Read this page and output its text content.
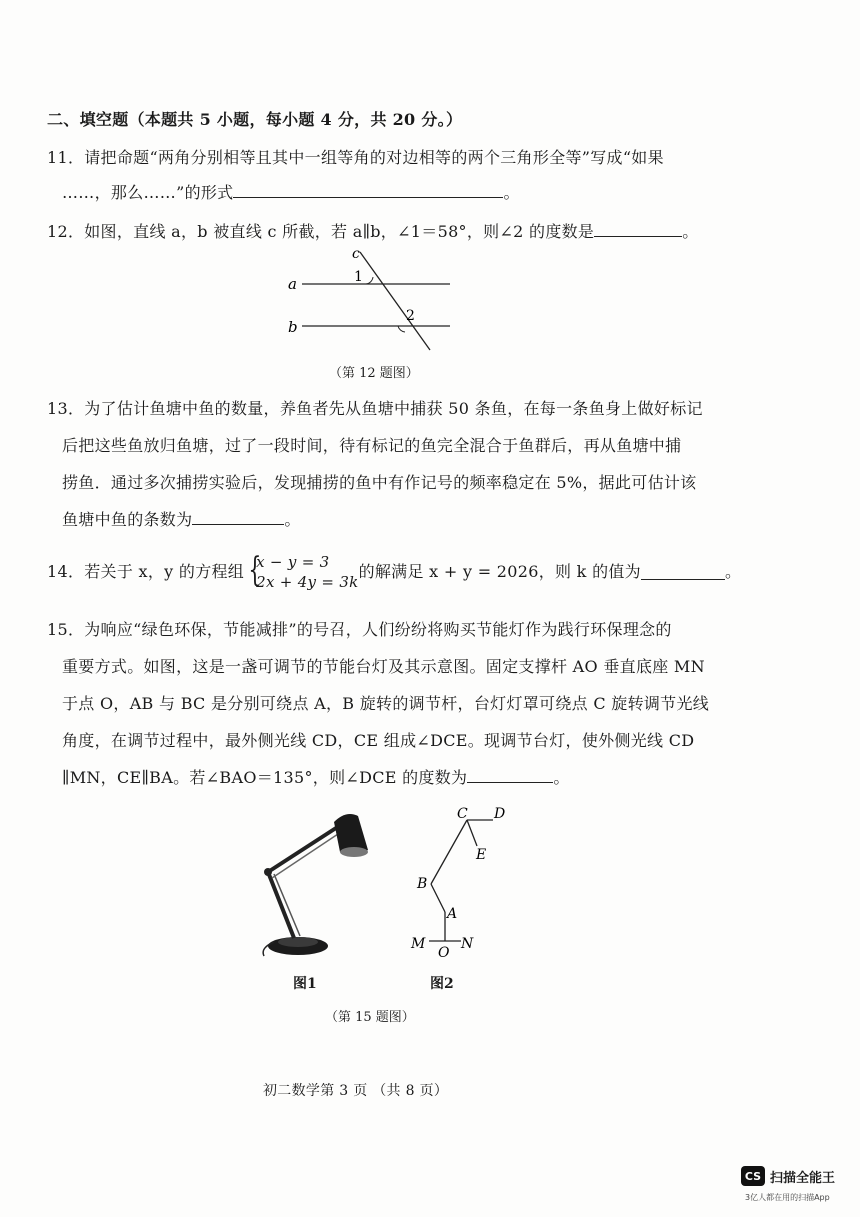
二、填空题（本题共 5 小题，每小题 4 分，共 20 分。）
11．请把命题“两角分别相等且其中一组等角的对边相等的两个三角形全等”写成“如果
……，那么……”的形式	。
12．如图，直线 a，b 被直线 c 所截，若 a∥b，∠1＝58°，则∠2 的度数是	。
c
a
b
1
2
（第 12 题图）
13．为了估计鱼塘中鱼的数量，养鱼者先从鱼塘中捕获 50 条鱼，在每一条鱼身上做好标记
后把这些鱼放归鱼塘，过了一段时间，待有标记的鱼完全混合于鱼群后，再从鱼塘中捕
捞鱼．通过多次捕捞实验后，发现捕捞的鱼中有作记号的频率稳定在 5%，据此可估计该
鱼塘中鱼的条数为	。
14．若关于 x，y 的方程组 {
x − y = 3
2x + 4y = 3k
的解满足 x + y = 2026，则 k 的值为	。
15．为响应“绿色环保，节能减排”的号召，人们纷纷将购买节能灯作为践行环保理念的
重要方式。如图，这是一盏可调节的节能台灯及其示意图。固定支撑杆 AO 垂直底座 MN
于点 O，AB 与 BC 是分别可绕点 A，B 旋转的调节杆，台灯灯罩可绕点 C 旋转调节光线
角度，在调节过程中，最外侧光线 CD，CE 组成∠DCE。现调节台灯，使外侧光线 CD
∥MN，CE∥BA。若∠BAO＝135°，则∠DCE 的度数为	。
图1
C D
E
B
A
M
O
N
图2
（第 15 题图）
初二数学第 3 页 （共 8 页）
CS 扫描全能王
3亿人都在用的扫描App
